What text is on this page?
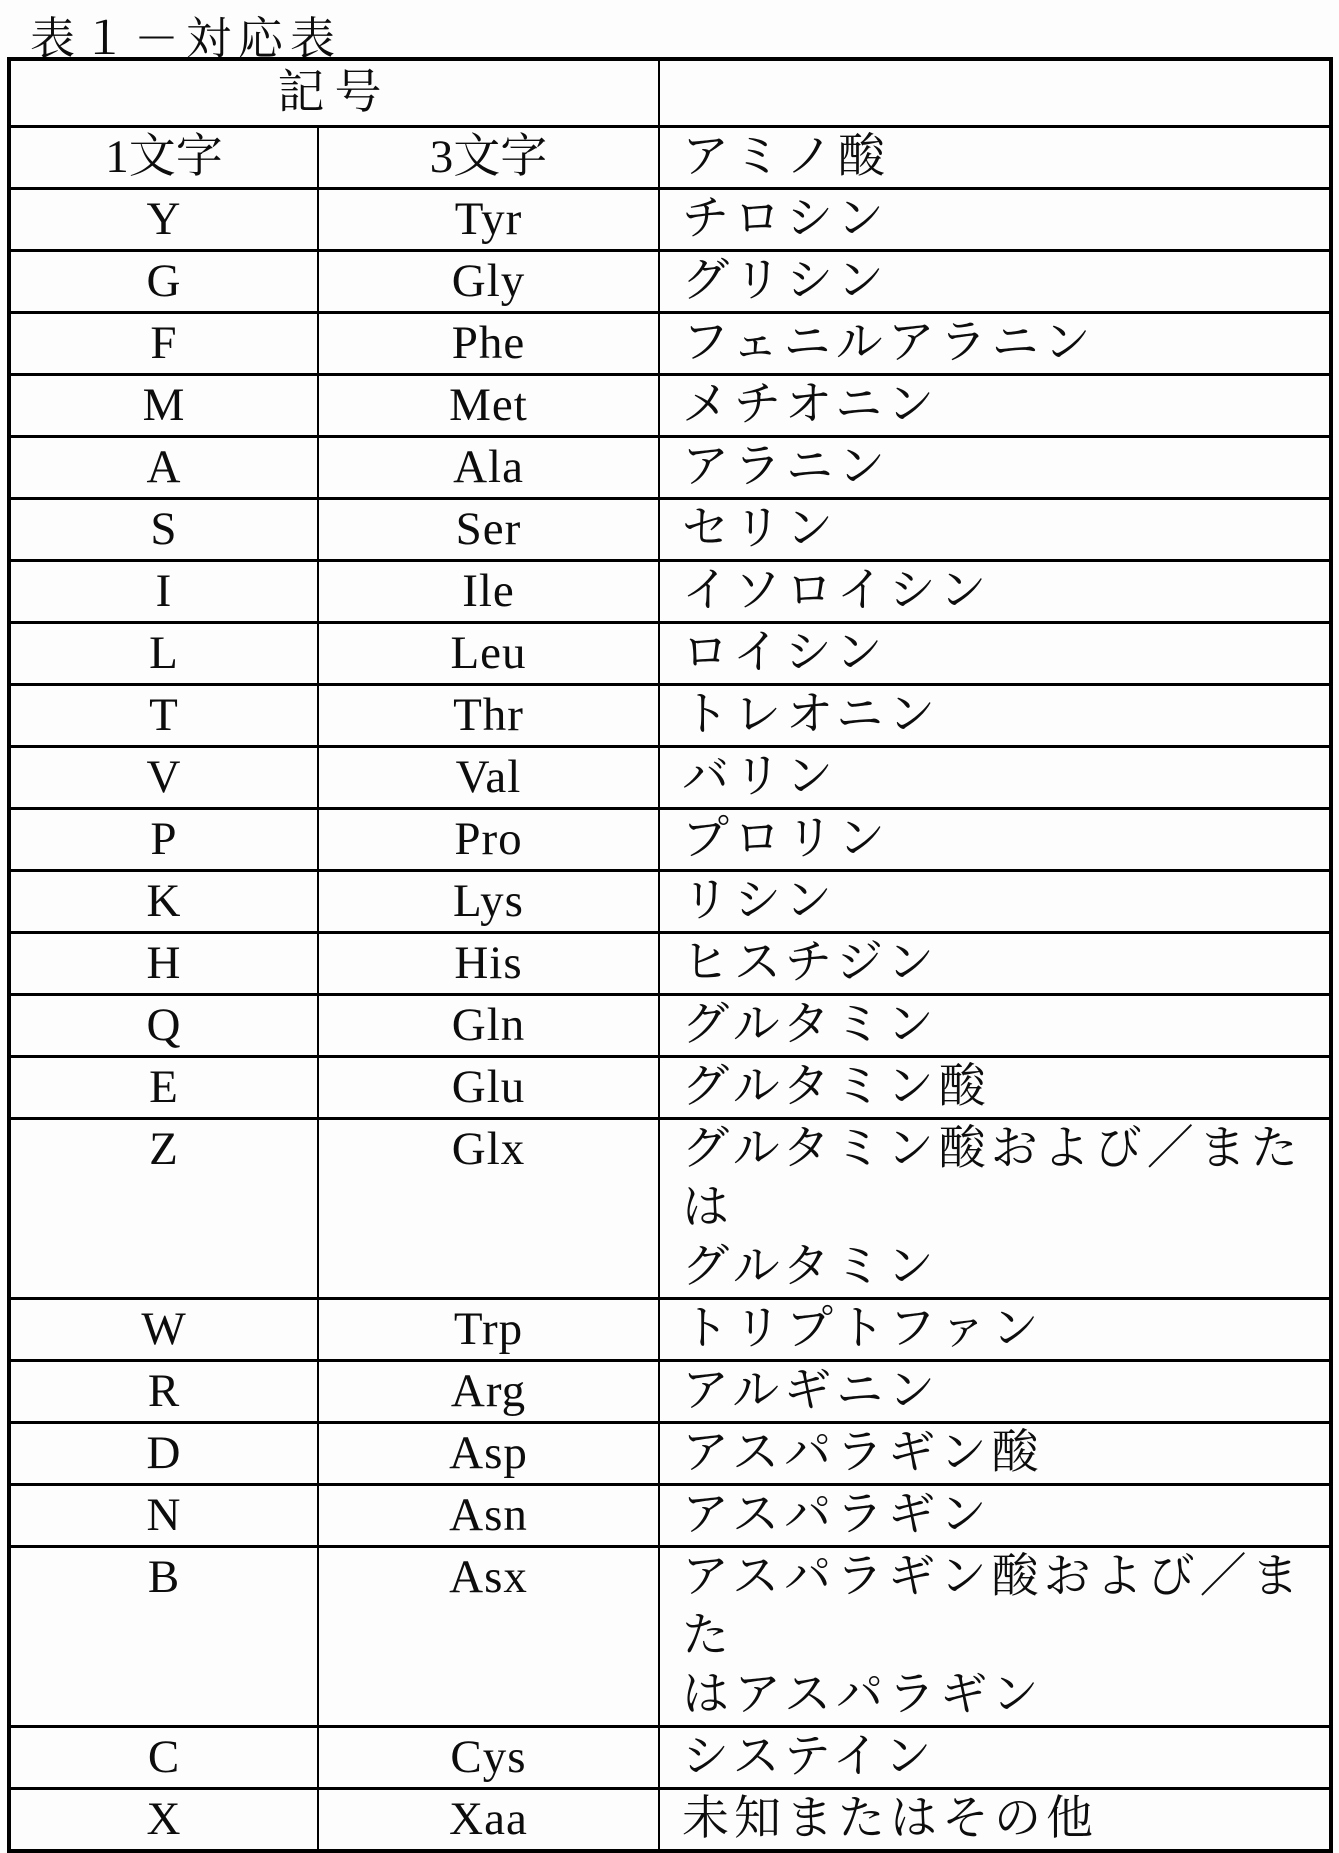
表１－対応表
記号		
1文字	3文字	アミノ酸
Y	Tyr	チロシン
G	Gly	グリシン
F	Phe	フェニルアラニン
M	Met	メチオニン
A	Ala	アラニン
S	Ser	セリン
I	Ile	イソロイシン
L	Leu	ロイシン
T	Thr	トレオニン
V	Val	バリン
P	Pro	プロリン
K	Lys	リシン
H	His	ヒスチジン
Q	Gln	グルタミン
E	Glu	グルタミン酸
Z	Glx	グルタミン酸および／または
グルタミン
W	Trp	トリプトファン
R	Arg	アルギニン
D	Asp	アスパラギン酸
N	Asn	アスパラギン
B	Asx	アスパラギン酸および／また
はアスパラギン
C	Cys	システイン
X	Xaa	未知またはその他
